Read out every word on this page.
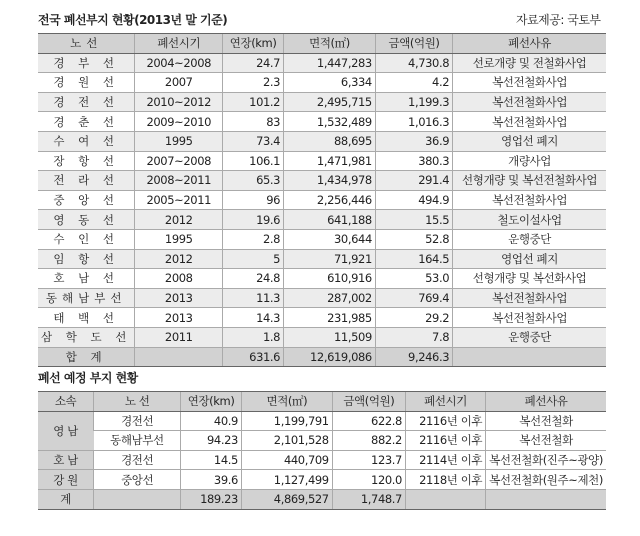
전국 폐선부지 현황(2013년 말 기준)	자료제공: 국토부
노선	폐선시기	연장(km)	면적(㎡)	금액(억원)	폐선사유
경 부 선	2004~2008	24.7	1,447,283	4,730.8	선로개량 및 전철화사업
경 원 선	2007	2.3	6,334	4.2	복선전철화사업
경 전 선	2010~2012	101.2	2,495,715	1,199.3	복선전철화사업
경 춘 선	2009~2010	83	1,532,489	1,016.3	복선전철화사업
수 여 선	1995	73.4	88,695	36.9	영업선 폐지
장 항 선	2007~2008	106.1	1,471,981	380.3	개량사업
전 라 선	2008~2011	65.3	1,434,978	291.4	선형개량 및 복선전철화사업
중 앙 선	2005~2011	96	2,256,446	494.9	복선전철화사업
영 동 선	2012	19.6	641,188	15.5	철도이설사업
수 인 선	1995	2.8	30,644	52.8	운행중단
임 항 선	2012	5	71,921	164.5	영업선 폐지
호 남 선	2008	24.8	610,916	53.0	선형개량 및 복선화사업
동해남부선	2013	11.3	287,002	769.4	복선전철화사업
태 백 선	2013	14.3	231,985	29.2	복선전철화사업
삼 학 도 선	2011	1.8	11,509	7.8	운행중단
합 계		631.6	12,619,086	9,246.3	
폐선 예정 부지 현황
소속	노 선	연장(km)	면적(㎡)	금액(억원)	폐선시기	폐선사유
영 남	경전선	40.9	1,199,791	622.8	2116년 이후	복선전철화
	동해남부선	94.23	2,101,528	882.2	2116년 이후	복선전철화
호 남	경전선	14.5	440,709	123.7	2114년 이후	복선전철화(진주~광양)
강 원	중앙선	39.6	1,127,499	120.0	2118년 이후	복선전철화(원주~제천)
계		189.23	4,869,527	1,748.7		
